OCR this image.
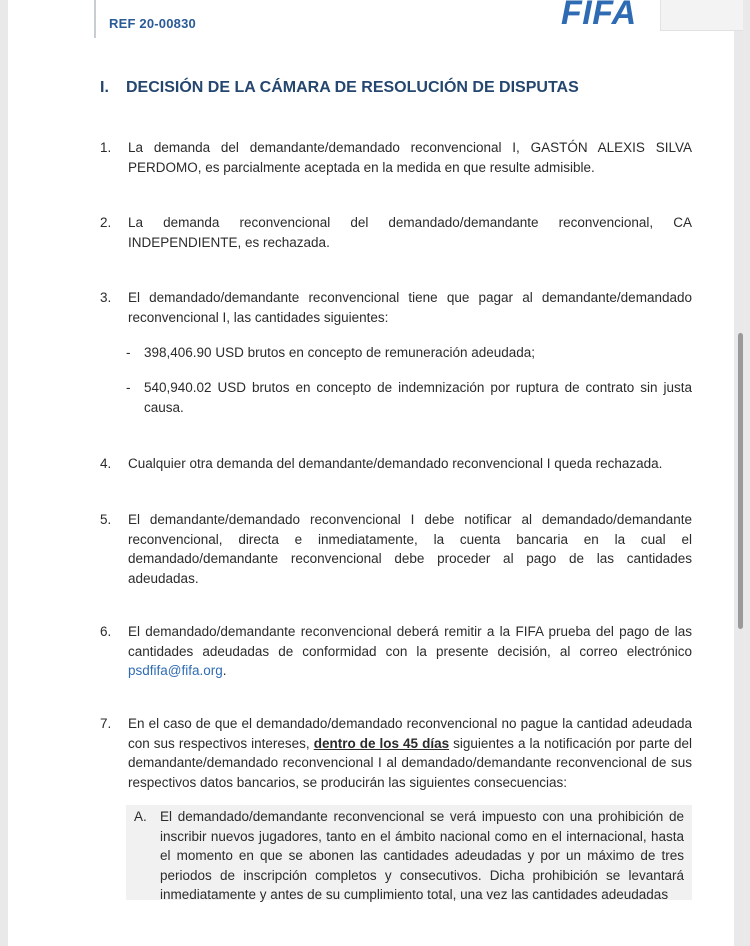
REF 20-00830	FIFA
I. DECISIÓN DE LA CÁMARA DE RESOLUCIÓN DE DISPUTAS
1. La demanda del demandante/demandado reconvencional I, GASTÓN ALEXIS SILVA PERDOMO, es parcialmente aceptada en la medida en que resulte admisible.
2. La demanda reconvencional del demandado/demandante reconvencional, CA INDEPENDIENTE, es rechazada.
3. El demandado/demandante reconvencional tiene que pagar al demandante/demandado reconvencional I, las cantidades siguientes:
- 398,406.90 USD brutos en concepto de remuneración adeudada;
- 540,940.02 USD brutos en concepto de indemnización por ruptura de contrato sin justa causa.
4. Cualquier otra demanda del demandante/demandado reconvencional I queda rechazada.
5. El demandante/demandado reconvencional I debe notificar al demandado/demandante reconvencional, directa e inmediatamente, la cuenta bancaria en la cual el demandado/demandante reconvencional debe proceder al pago de las cantidades adeudadas.
6. El demandado/demandante reconvencional deberá remitir a la FIFA prueba del pago de las cantidades adeudadas de conformidad con la presente decisión, al correo electrónico psdfifa@fifa.org.
7. En el caso de que el demandado/demandado reconvencional no pague la cantidad adeudada con sus respectivos intereses, dentro de los 45 días siguientes a la notificación por parte del demandante/demandado reconvencional I al demandado/demandante reconvencional de sus respectivos datos bancarios, se producirán las siguientes consecuencias:
A. El demandado/demandante reconvencional se verá impuesto con una prohibición de inscribir nuevos jugadores, tanto en el ámbito nacional como en el internacional, hasta el momento en que se abonen las cantidades adeudadas y por un máximo de tres periodos de inscripción completos y consecutivos. Dicha prohibición se levantará inmediatamente y antes de su cumplimiento total, una vez las cantidades adeudadas
